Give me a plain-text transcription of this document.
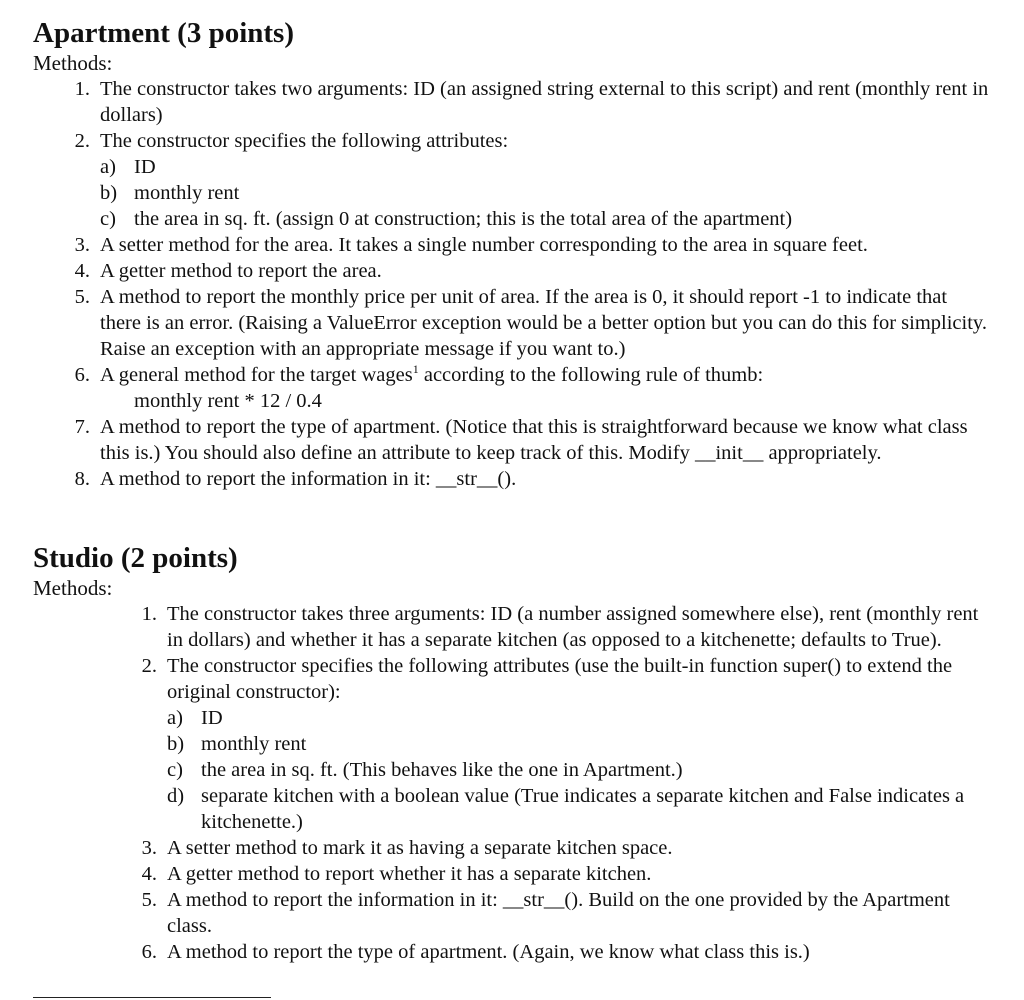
Apartment (3 points)
Methods:
1. The constructor takes two arguments: ID (an assigned string external to this script) and rent (monthly rent in dollars)
2. The constructor specifies the following attributes:
a) ID
b) monthly rent
c) the area in sq. ft. (assign 0 at construction; this is the total area of the apartment)
3. A setter method for the area. It takes a single number corresponding to the area in square feet.
4. A getter method to report the area.
5. A method to report the monthly price per unit of area. If the area is 0, it should report -1 to indicate that there is an error. (Raising a ValueError exception would be a better option but you can do this for simplicity. Raise an exception with an appropriate message if you want to.)
6. A general method for the target wages$^1$ according to the following rule of thumb:
monthly rent * 12 / 0.4
7. A method to report the type of apartment. (Notice that this is straightforward because we know what class this is.) You should also define an attribute to keep track of this. Modify __init__ appropriately.
8. A method to report the information in it: __str__().
Studio (2 points)
Methods:
1. The constructor takes three arguments: ID (a number assigned somewhere else), rent (monthly rent in dollars) and whether it has a separate kitchen (as opposed to a kitchenette; defaults to True).
2. The constructor specifies the following attributes (use the built-in function super() to extend the original constructor):
a) ID
b) monthly rent
c) the area in sq. ft. (This behaves like the one in Apartment.)
d) separate kitchen with a boolean value (True indicates a separate kitchen and False indicates a kitchenette.)
3. A setter method to mark it as having a separate kitchen space.
4. A getter method to report whether it has a separate kitchen.
5. A method to report the information in it: __str__(). Build on the one provided by the Apartment class.
6. A method to report the type of apartment. (Again, we know what class this is.)
